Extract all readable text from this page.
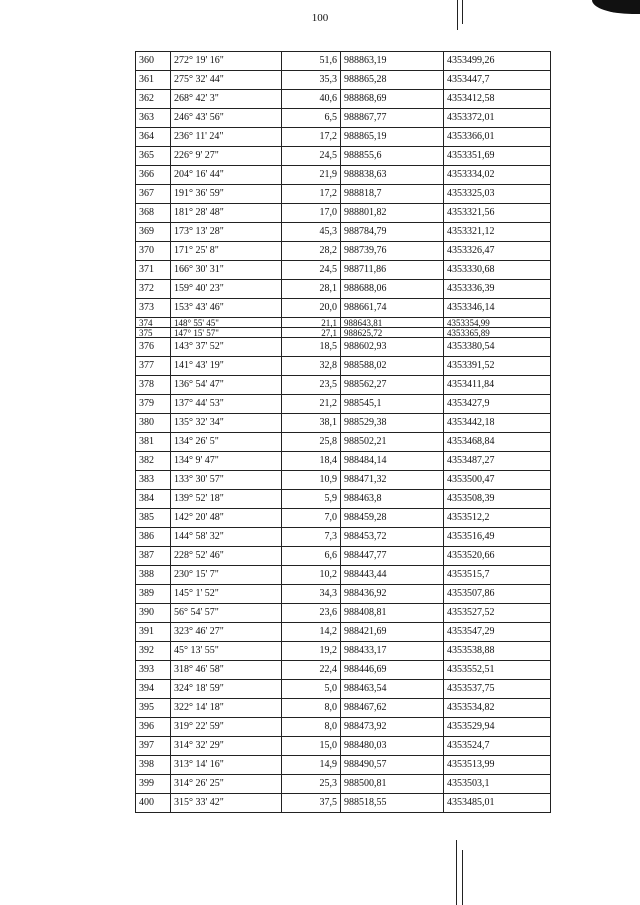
100
360	272° 19' 16"	51,6	988863,19	4353499,26
361	275° 32' 44"	35,3	988865,28	4353447,7
362	268° 42' 3"	40,6	988868,69	4353412,58
363	246° 43' 56"	6,5	988867,77	4353372,01
364	236° 11' 24"	17,2	988865,19	4353366,01
365	226° 9' 27"	24,5	988855,6	4353351,69
366	204° 16' 44"	21,9	988838,63	4353334,02
367	191° 36' 59"	17,2	988818,7	4353325,03
368	181° 28' 48"	17,0	988801,82	4353321,56
369	173° 13' 28"	45,3	988784,79	4353321,12
370	171° 25' 8"	28,2	988739,76	4353326,47
371	166° 30' 31"	24,5	988711,86	4353330,68
372	159° 40' 23"	28,1	988688,06	4353336,39
373	153° 43' 46"	20,0	988661,74	4353346,14
374	148° 55' 45"	21,1	988643,81	4353354,99
375	147° 15' 57"	27,1	988625,72	4353365,89
376	143° 37' 52"	18,5	988602,93	4353380,54
377	141° 43' 19"	32,8	988588,02	4353391,52
378	136° 54' 47"	23,5	988562,27	4353411,84
379	137° 44' 53"	21,2	988545,1	4353427,9
380	135° 32' 34"	38,1	988529,38	4353442,18
381	134° 26' 5"	25,8	988502,21	4353468,84
382	134° 9' 47"	18,4	988484,14	4353487,27
383	133° 30' 57"	10,9	988471,32	4353500,47
384	139° 52' 18"	5,9	988463,8	4353508,39
385	142° 20' 48"	7,0	988459,28	4353512,2
386	144° 58' 32"	7,3	988453,72	4353516,49
387	228° 52' 46"	6,6	988447,77	4353520,66
388	230° 15' 7"	10,2	988443,44	4353515,7
389	145° 1' 52"	34,3	988436,92	4353507,86
390	56° 54' 57"	23,6	988408,81	4353527,52
391	323° 46' 27"	14,2	988421,69	4353547,29
392	45° 13' 55"	19,2	988433,17	4353538,88
393	318° 46' 58"	22,4	988446,69	4353552,51
394	324° 18' 59"	5,0	988463,54	4353537,75
395	322° 14' 18"	8,0	988467,62	4353534,82
396	319° 22' 59"	8,0	988473,92	4353529,94
397	314° 32' 29"	15,0	988480,03	4353524,7
398	313° 14' 16"	14,9	988490,57	4353513,99
399	314° 26' 25"	25,3	988500,81	4353503,1
400	315° 33' 42"	37,5	988518,55	4353485,01
